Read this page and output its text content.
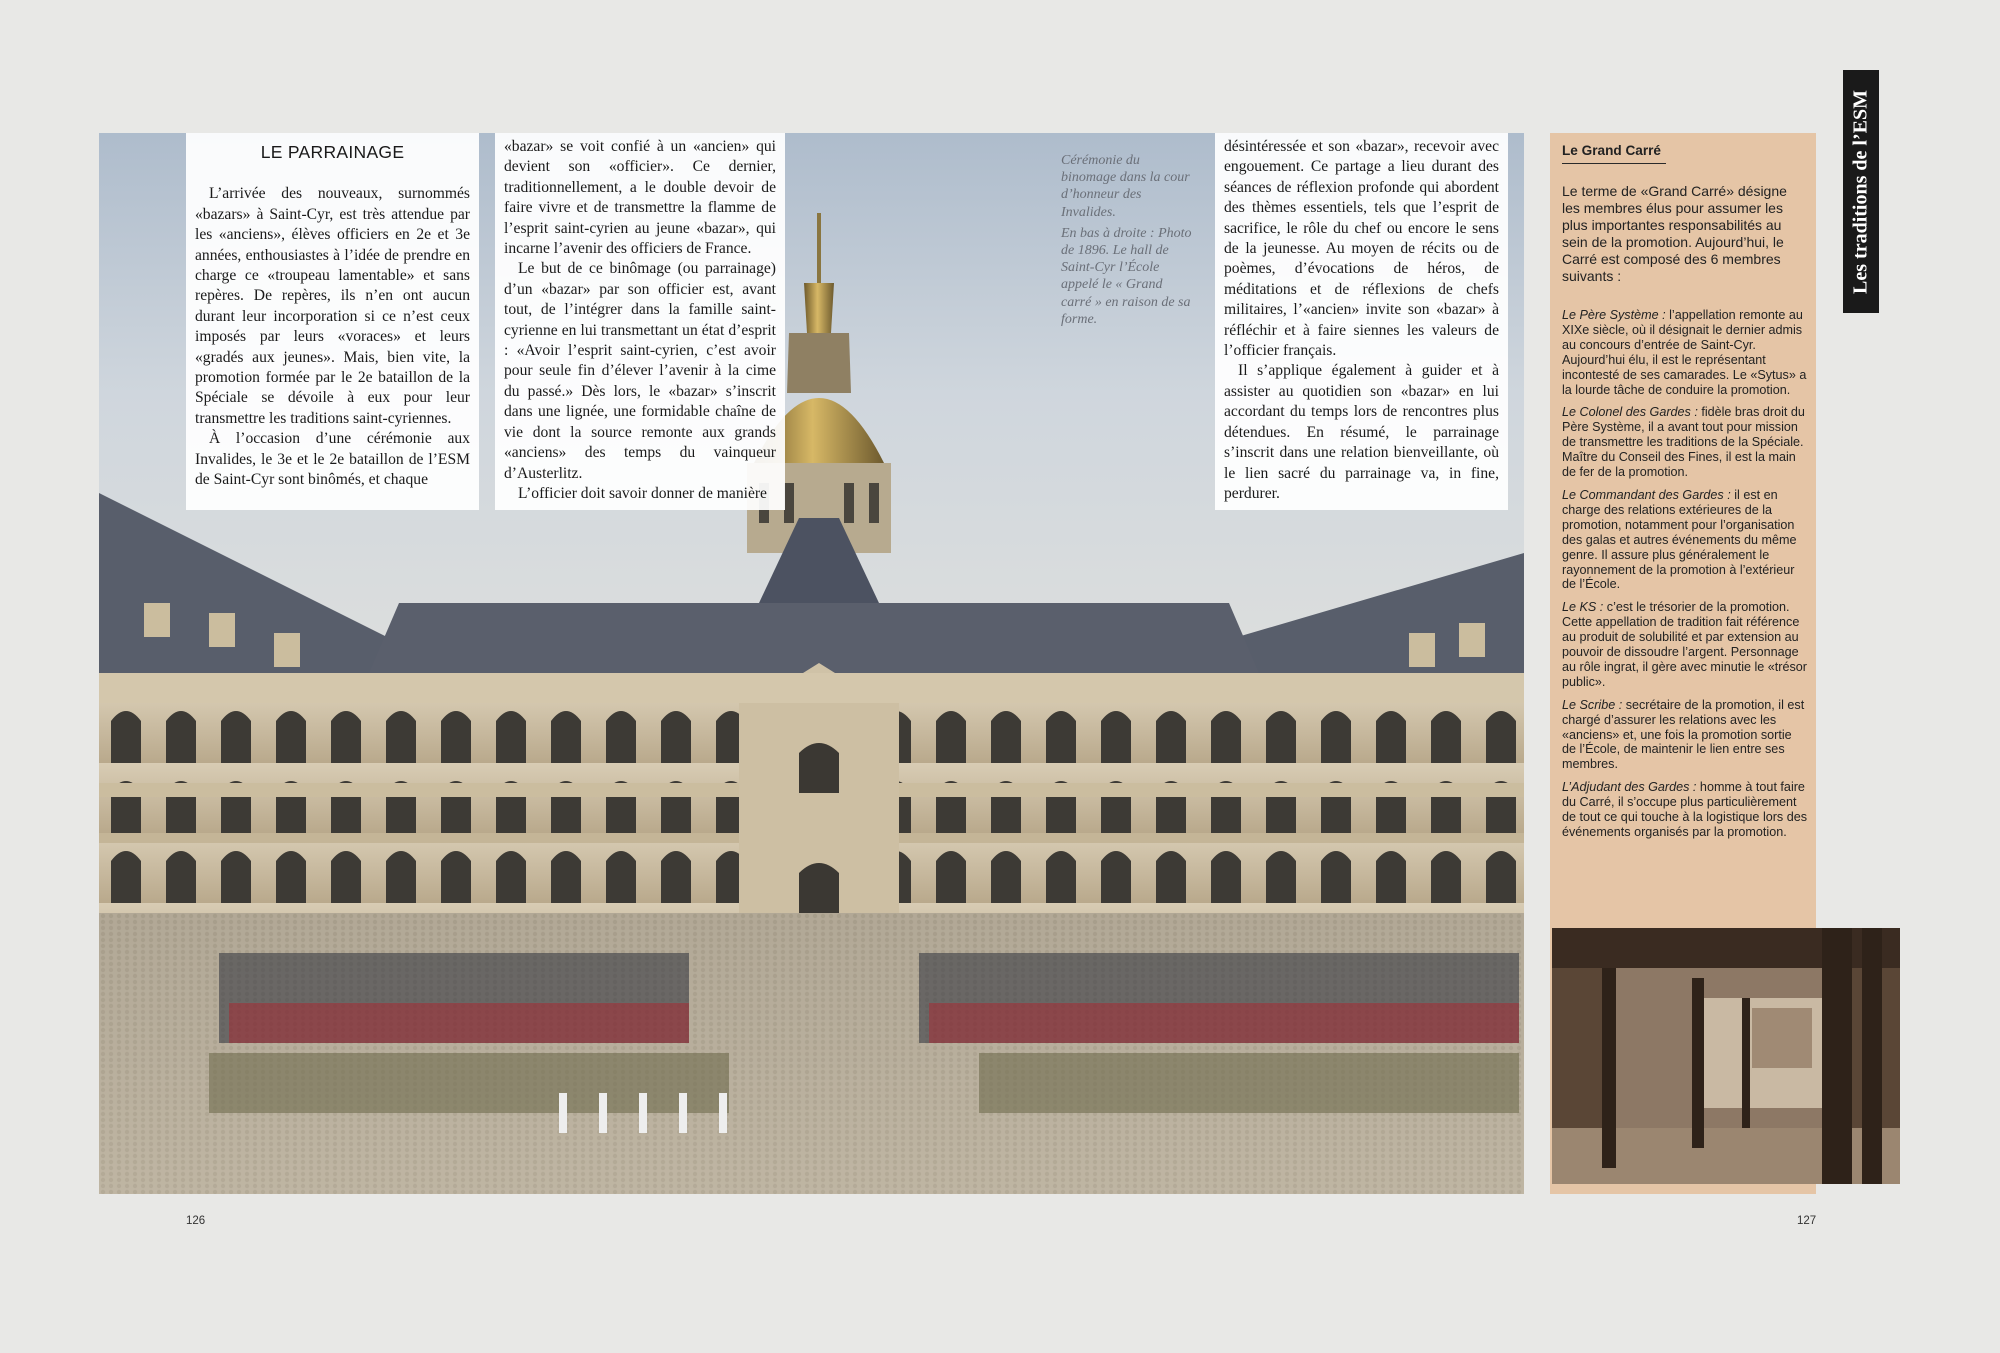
LE PARRAINAGE

L’arrivée des nouveaux, surnommés «bazars» à Saint-Cyr, est très attendue par les «anciens», élèves officiers en 2e et 3e années, enthousiastes à l’idée de prendre en charge ce «troupeau lamentable» et sans repères. De repères, ils n’en ont aucun durant leur incorporation si ce n’est ceux imposés par leurs «voraces» et leurs «gradés aux jeunes». Mais, bien vite, la promotion formée par le 2e bataillon de la Spéciale se dévoile à eux pour leur transmettre les traditions saint-cyriennes.

À l’occasion d’une cérémonie aux Invalides, le 3e et le 2e bataillon de l’ESM de Saint-Cyr sont binômés, et chaque

«bazar» se voit confié à un «ancien» qui devient son «officier». Ce dernier, traditionnellement, a le double devoir de faire vivre et de transmettre la flamme de l’esprit saint-cyrien au jeune «bazar», qui incarne l’avenir des officiers de France.

Le but de ce binômage (ou parrainage) d’un «bazar» par son officier est, avant tout, de l’intégrer dans la famille saint-cyrienne en lui transmettant un état d’esprit : «Avoir l’esprit saint-cyrien, c’est avoir pour seule fin d’élever l’avenir à la cime du passé.» Dès lors, le «bazar» s’inscrit dans une lignée, une formidable chaîne de vie dont la source remonte aux grands «anciens» des temps du vainqueur d’Austerlitz.

L’officier doit savoir donner de manière

Cérémonie du binomage dans la cour d’honneur des Invalides.

En bas à droite : Photo de 1896. Le hall de Saint-Cyr l’École appelé le « Grand carré » en raison de sa forme.

désintéressée et son «bazar», recevoir avec engouement. Ce partage a lieu durant des séances de réflexion profonde qui abordent des thèmes essentiels, tels que l’esprit de sacrifice, le rôle du chef ou encore le sens de la jeunesse. Au moyen de récits ou de poèmes, d’évocations de héros, de méditations et de réflexions de chefs militaires, l’«ancien» invite son «bazar» à réfléchir et à faire siennes les valeurs de l’officier français.

Il s’applique également à guider et à assister au quotidien son «bazar» en lui accordant du temps lors de rencontres plus détendues. En résumé, le parrainage s’inscrit dans une relation bienveillante, où le lien sacré du parrainage va, in fine, perdurer.

Le Grand Carré
Le terme de «Grand Carré» désigne les membres élus pour assumer les plus importantes responsabilités au sein de la promotion. Aujourd’hui, le Carré est composé des 6 membres suivants :

Le Père Système : l’appellation remonte au XIXe siècle, où il désignait le dernier admis au concours d’entrée de Saint-Cyr. Aujourd’hui élu, il est le représentant incontesté de ses camarades. Le «Sytus» a la lourde tâche de conduire la promotion.

Le Colonel des Gardes : fidèle bras droit du Père Système, il a avant tout pour mission de transmettre les traditions de la Spéciale. Maître du Conseil des Fines, il est la main de fer de la promotion.

Le Commandant des Gardes : il est en charge des relations extérieures de la promotion, notamment pour l’organisation des galas et autres événements du même genre. Il assure plus généralement le rayonnement de la promotion à l’extérieur de l’École.

Le KS : c’est le trésorier de la promotion. Cette appellation de tradition fait référence au produit de solubilité et par extension au pouvoir de dissoudre l’argent. Personnage au rôle ingrat, il gère avec minutie le «trésor public».

Le Scribe : secrétaire de la promotion, il est chargé d’assurer les relations avec les «anciens» et, une fois la promotion sortie de l’École, de maintenir le lien entre ses membres.

L’Adjudant des Gardes : homme à tout faire du Carré, il s’occupe plus particulièrement de tout ce qui touche à la logistique lors des événements organisés par la promotion.

Les traditions de l’ESM
126	127
